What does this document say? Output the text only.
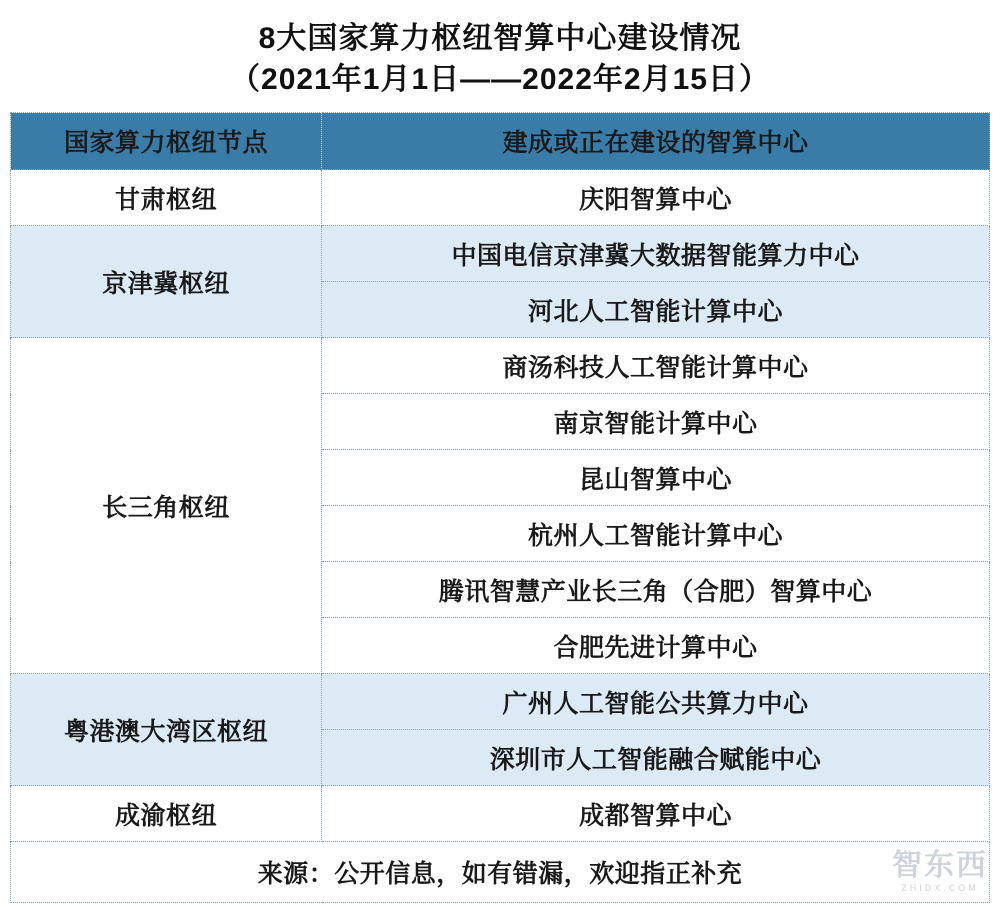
8大国家算力枢纽智算中心建设情况
（2021年1月1日——2022年2月15日）
国家算力枢纽节点	建成或正在建设的智算中心
甘肃枢纽	庆阳智算中心
京津冀枢纽	中国电信京津冀大数据智能算力中心
	河北人工智能计算中心
长三角枢纽	商汤科技人工智能计算中心
	南京智能计算中心
	昆山智算中心
	杭州人工智能计算中心
	腾讯智慧产业长三角（合肥）智算中心
	合肥先进计算中心
粤港澳大湾区枢纽	广州人工智能公共算力中心
	深圳市人工智能融合赋能中心
成渝枢纽	成都智算中心
来源：公开信息，如有错漏，欢迎指正补充		智东西
ZHIDX.COM
